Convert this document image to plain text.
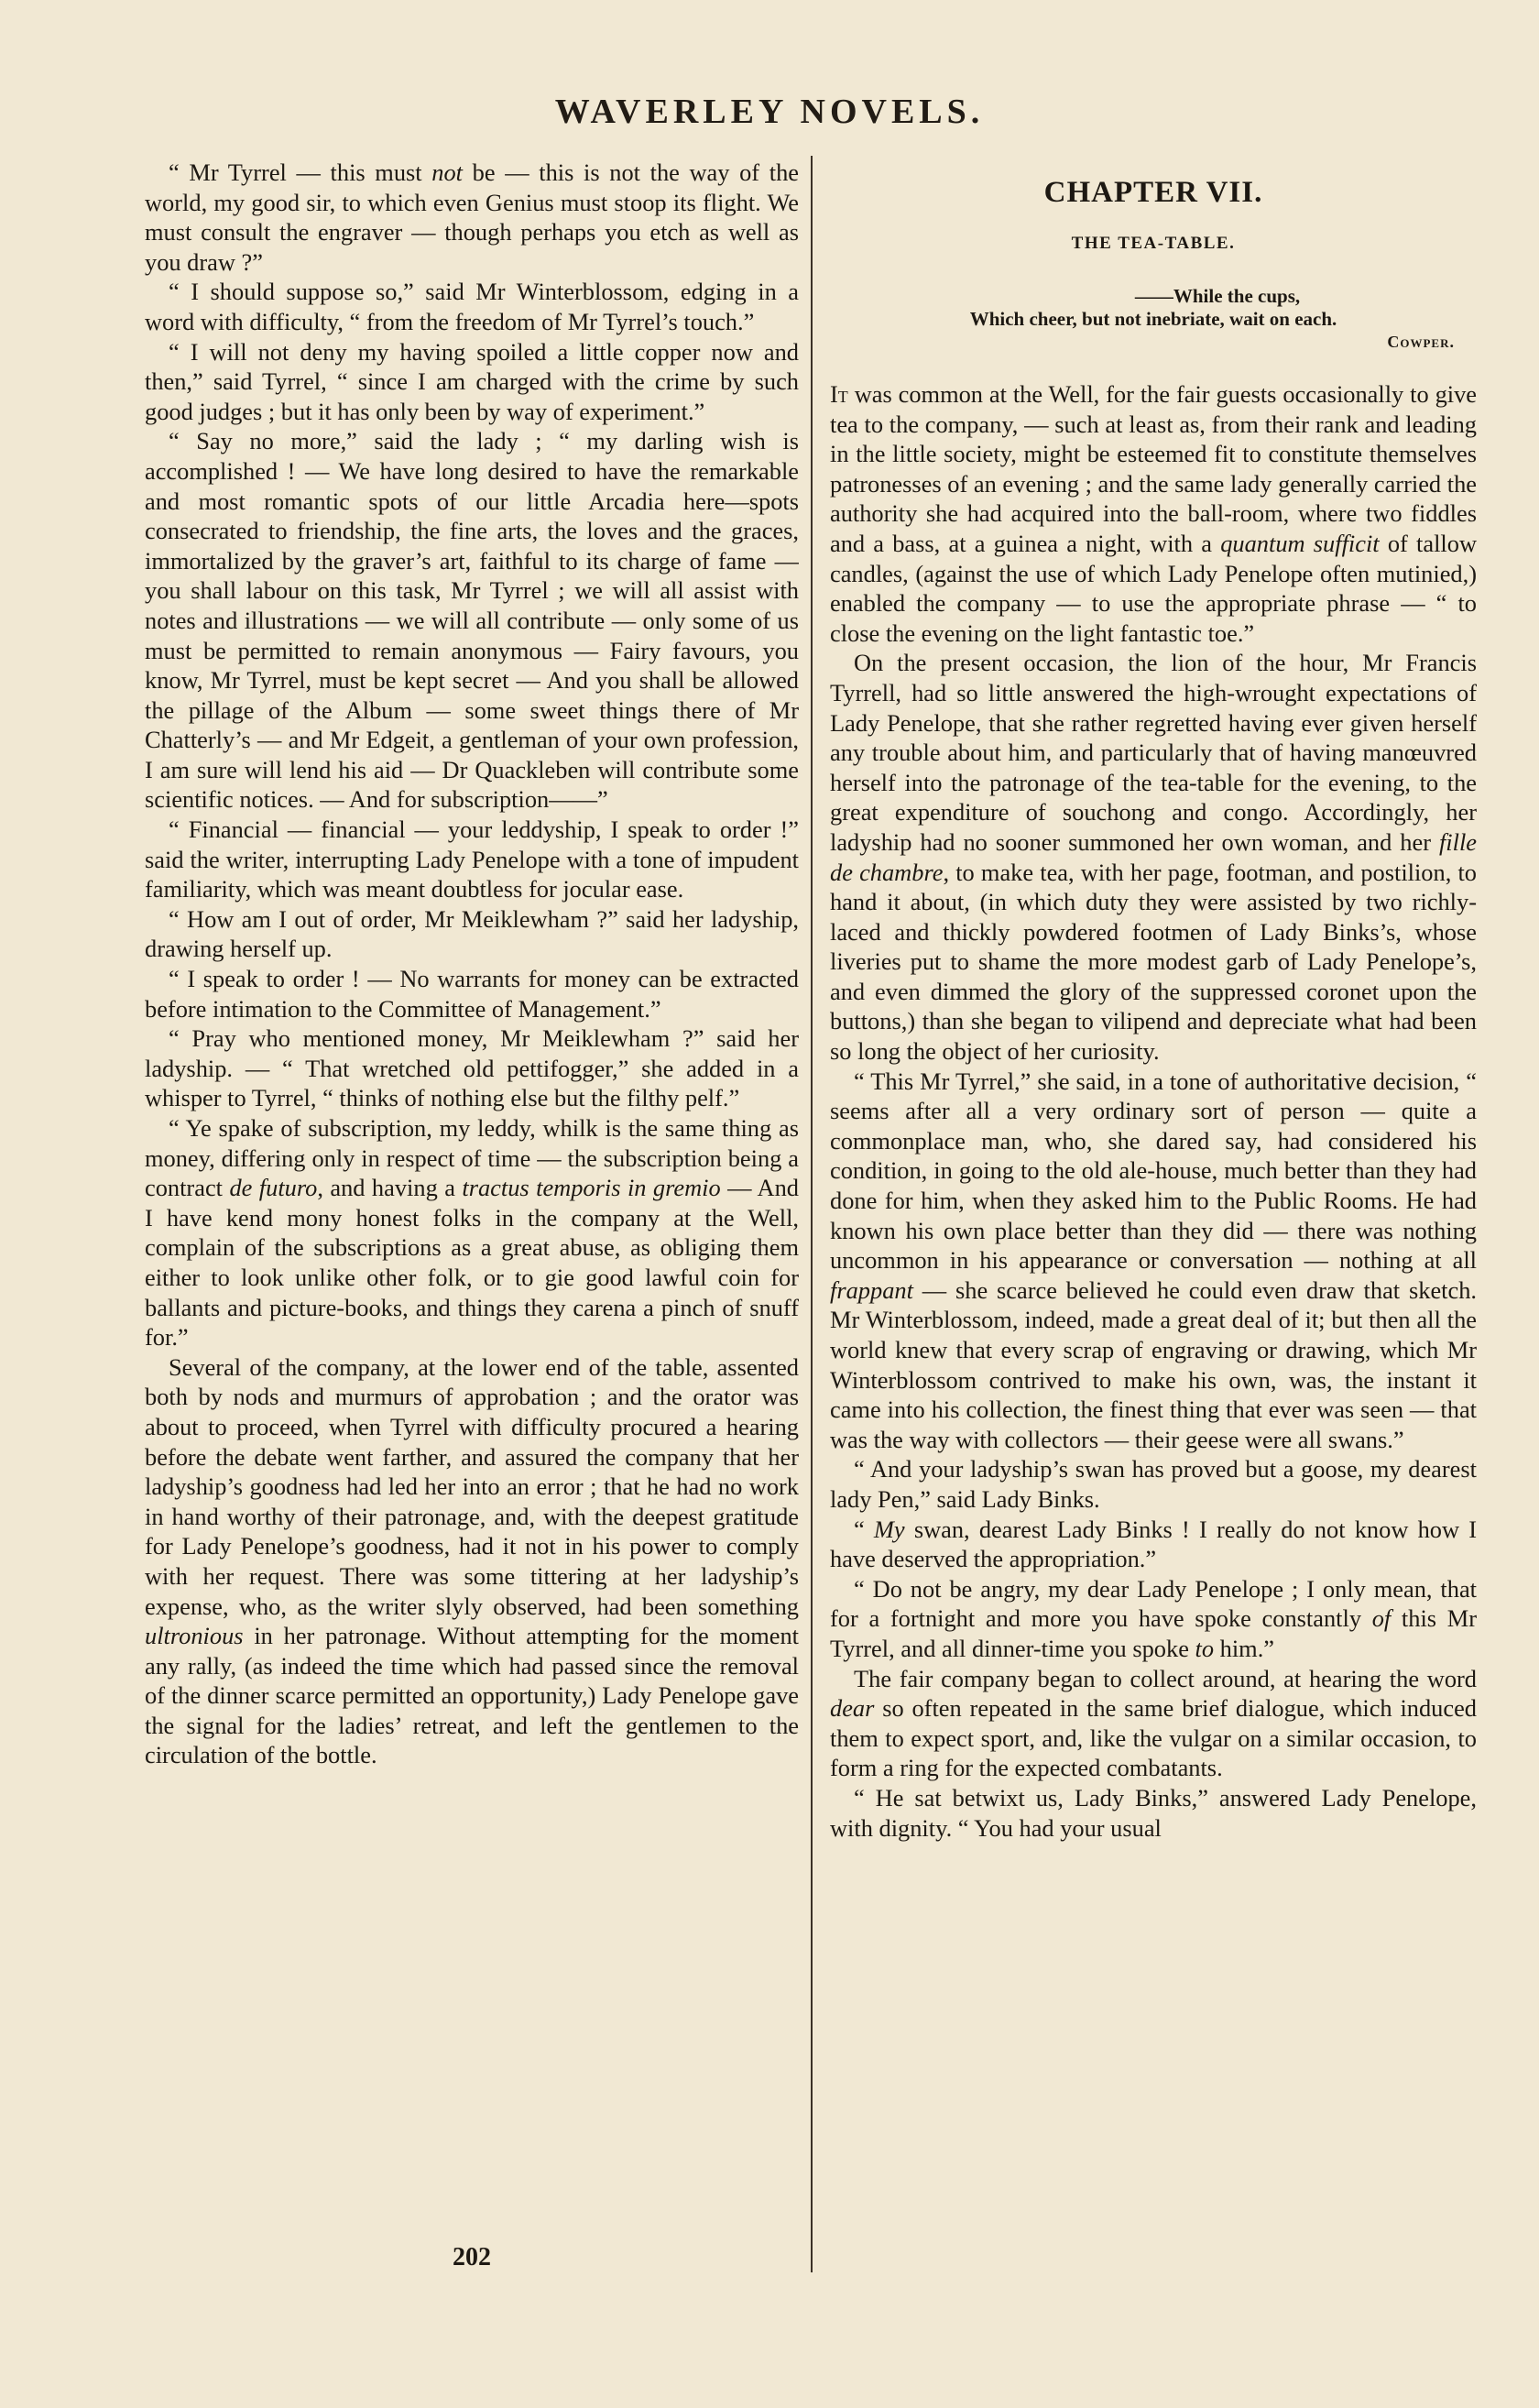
WAVERLEY NOVELS.

“ Mr Tyrrel — this must not be — this is not the way of the world, my good sir, to which even Genius must stoop its flight. We must consult the engraver — though perhaps you etch as well as you draw ?”

“ I should suppose so,” said Mr Winterblossom, edging in a word with difficulty, “ from the freedom of Mr Tyrrel’s touch.”

“ I will not deny my having spoiled a little copper now and then,” said Tyrrel, “ since I am charged with the crime by such good judges ; but it has only been by way of experiment.”

“ Say no more,” said the lady ; “ my darling wish is accomplished ! — We have long desired to have the remarkable and most romantic spots of our little Arcadia here—spots consecrated to friendship, the fine arts, the loves and the graces, immortalized by the graver’s art, faithful to its charge of fame — you shall labour on this task, Mr Tyrrel ; we will all assist with notes and illustrations — we will all contribute — only some of us must be permitted to remain anonymous — Fairy favours, you know, Mr Tyrrel, must be kept secret — And you shall be allowed the pillage of the Album — some sweet things there of Mr Chatterly’s — and Mr Edgeit, a gentleman of your own profession, I am sure will lend his aid — Dr Quackleben will contribute some scientific notices. — And for subscription——”

“ Financial — financial — your leddyship, I speak to order !” said the writer, interrupting Lady Penelope with a tone of impudent familiarity, which was meant doubtless for jocular ease.

“ How am I out of order, Mr Meiklewham ?” said her ladyship, drawing herself up.

“ I speak to order ! — No warrants for money can be extracted before intimation to the Committee of Management.”

“ Pray who mentioned money, Mr Meiklewham ?” said her ladyship. — “ That wretched old pettifogger,” she added in a whisper to Tyrrel, “ thinks of nothing else but the filthy pelf.”

“ Ye spake of subscription, my leddy, whilk is the same thing as money, differing only in respect of time — the subscription being a contract de futuro, and having a tractus temporis in gremio — And I have kend mony honest folks in the company at the Well, complain of the subscriptions as a great abuse, as obliging them either to look unlike other folk, or to gie good lawful coin for ballants and picture-books, and things they carena a pinch of snuff for.”

Several of the company, at the lower end of the table, assented both by nods and murmurs of approbation ; and the orator was about to proceed, when Tyrrel with difficulty procured a hearing before the debate went farther, and assured the company that her ladyship’s goodness had led her into an error ; that he had no work in hand worthy of their patronage, and, with the deepest gratitude for Lady Penelope’s goodness, had it not in his power to comply with her request. There was some tittering at her ladyship’s expense, who, as the writer slyly observed, had been something ultronious in her patronage. Without attempting for the moment any rally, (as indeed the time which had passed since the removal of the dinner scarce permitted an opportunity,) Lady Penelope gave the signal for the ladies’ retreat, and left the gentlemen to the circulation of the bottle.

CHAPTER VII.
THE TEA-TABLE.
——While the cups,
Which cheer, but not inebriate, wait on each.
Cowper.

It was common at the Well, for the fair guests occasionally to give tea to the company, — such at least as, from their rank and leading in the little society, might be esteemed fit to constitute themselves patronesses of an evening ; and the same lady generally carried the authority she had acquired into the ball-room, where two fiddles and a bass, at a guinea a night, with a quantum sufficit of tallow candles, (against the use of which Lady Penelope often mutinied,) enabled the company — to use the appropriate phrase — “ to close the evening on the light fantastic toe.”

On the present occasion, the lion of the hour, Mr Francis Tyrrell, had so little answered the high-wrought expectations of Lady Penelope, that she rather regretted having ever given herself any trouble about him, and particularly that of having manœuvred herself into the patronage of the tea-table for the evening, to the great expenditure of souchong and congo. Accordingly, her ladyship had no sooner summoned her own woman, and her fille de chambre, to make tea, with her page, footman, and postilion, to hand it about, (in which duty they were assisted by two richly-laced and thickly powdered footmen of Lady Binks’s, whose liveries put to shame the more modest garb of Lady Penelope’s, and even dimmed the glory of the suppressed coronet upon the buttons,) than she began to vilipend and depreciate what had been so long the object of her curiosity.

“ This Mr Tyrrel,” she said, in a tone of authoritative decision, “ seems after all a very ordinary sort of person — quite a commonplace man, who, she dared say, had considered his condition, in going to the old ale-house, much better than they had done for him, when they asked him to the Public Rooms. He had known his own place better than they did — there was nothing uncommon in his appearance or conversation — nothing at all frappant — she scarce believed he could even draw that sketch. Mr Winterblossom, indeed, made a great deal of it; but then all the world knew that every scrap of engraving or drawing, which Mr Winterblossom contrived to make his own, was, the instant it came into his collection, the finest thing that ever was seen — that was the way with collectors — their geese were all swans.”

“ And your ladyship’s swan has proved but a goose, my dearest lady Pen,” said Lady Binks.

“ My swan, dearest Lady Binks ! I really do not know how I have deserved the appropriation.”

“ Do not be angry, my dear Lady Penelope ; I only mean, that for a fortnight and more you have spoke constantly of this Mr Tyrrel, and all dinner-time you spoke to him.”

The fair company began to collect around, at hearing the word dear so often repeated in the same brief dialogue, which induced them to expect sport, and, like the vulgar on a similar occasion, to form a ring for the expected combatants.

“ He sat betwixt us, Lady Binks,” answered Lady Penelope, with dignity. “ You had your usual

202
